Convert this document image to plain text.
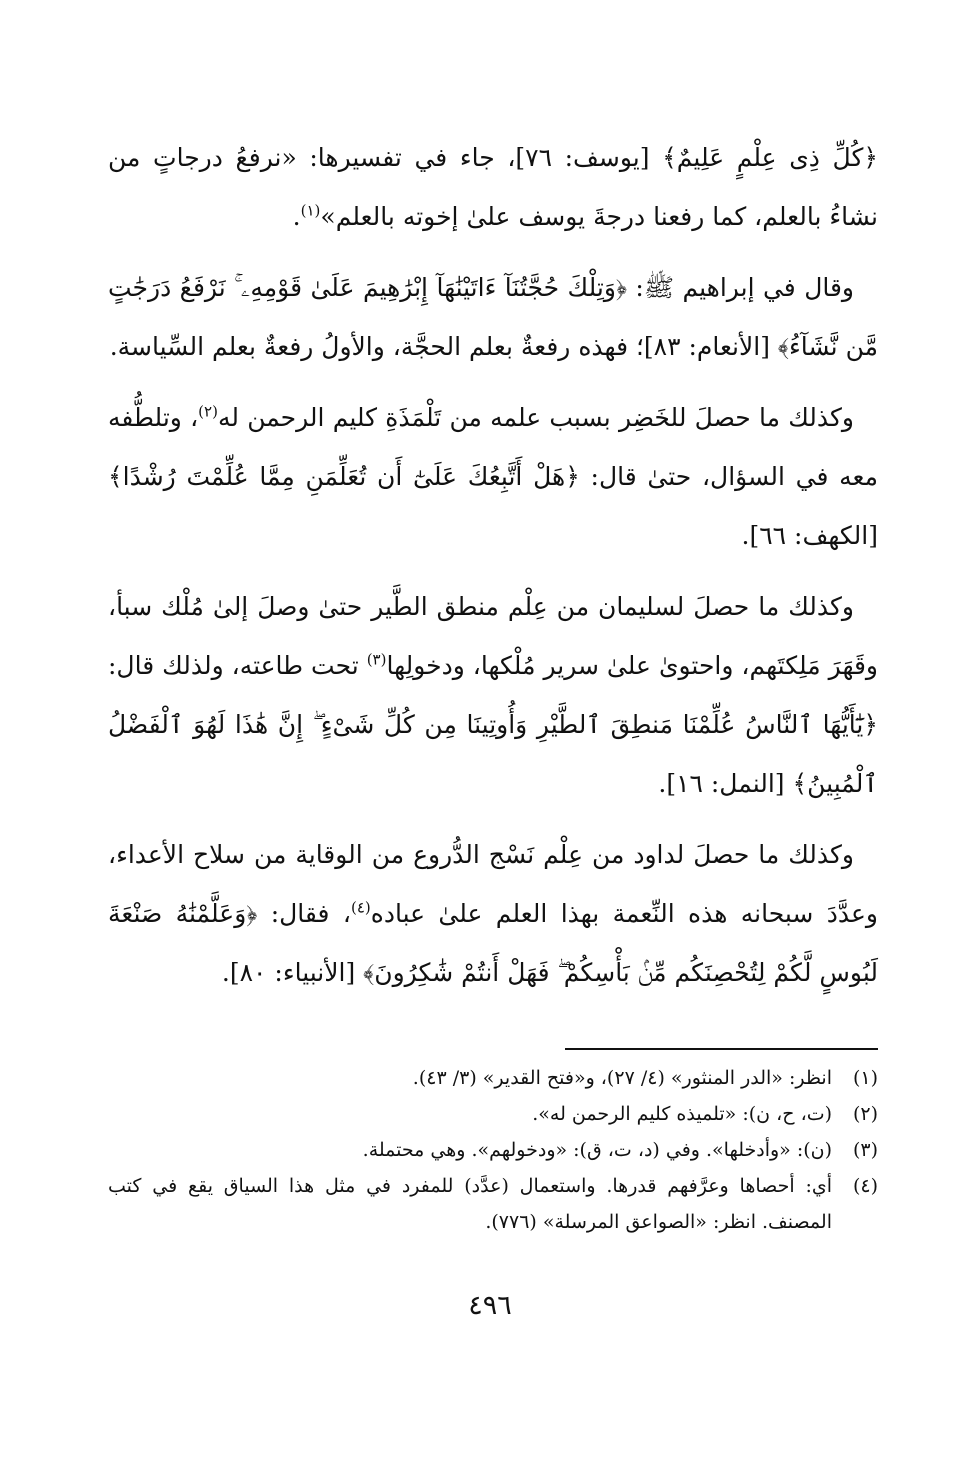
﴿كُلِّ ذِى عِلْمٍ عَلِيمٌ﴾ [يوسف: ٧٦]، جاء في تفسيرها: «نرفعُ درجاتٍ من نشاءُ بالعلم، كما رفعنا درجةَ يوسف علىٰ إخوته بالعلم»$^{(١)}$.

وقال في إبراهيم ﷺ: ﴿وَتِلْكَ حُجَّتُنَآ ءَاتَيْنَٰهَآ إِبْرَٰهِيمَ عَلَىٰ قَوْمِهِۦ ۚ نَرْفَعُ دَرَجَٰتٍ مَّن نَّشَآءُ﴾ [الأنعام: ٨٣]؛ فهذه رفعةٌ بعلم الحجَّة، والأولُ رفعةٌ بعلم السِّياسة.

وكذلك ما حصلَ للخَضِر بسبب علمه من تَلْمَذَةِ كليم الرحمن له$^{(٢)}$، وتلطُّفه معه في السؤال، حتىٰ قال: ﴿هَلْ أَتَّبِعُكَ عَلَىٰٓ أَن تُعَلِّمَنِ مِمَّا عُلِّمْتَ رُشْدًا﴾ [الكهف: ٦٦].

وكذلك ما حصلَ لسليمان من عِلْم منطق الطَّير حتىٰ وصلَ إلىٰ مُلْك سبأ، وقَهَرَ مَلِكتَهم، واحتوىٰ علىٰ سرير مُلْكها، ودخولِها$^{(٣)}$ تحت طاعته، ولذلك قال: ﴿يَٰٓأَيُّهَا ٱلنَّاسُ عُلِّمْنَا مَنطِقَ ٱلطَّيْرِ وَأُوتِينَا مِن كُلِّ شَىْءٍ ۖ إِنَّ هَٰذَا لَهُوَ ٱلْفَضْلُ ٱلْمُبِينُ﴾ [النمل: ١٦].

وكذلك ما حصلَ لداود من عِلْم نَسْج الدُّروع من الوقاية من سلاح الأعداء، وعدَّدَ سبحانه هذه النِّعمة بهذا العلم علىٰ عباده$^{(٤)}$، فقال: ﴿وَعَلَّمْنَٰهُ صَنْعَةَ لَبُوسٍ لَّكُمْ لِتُحْصِنَكُم مِّنۢ بَأْسِكُمْ ۖ فَهَلْ أَنتُمْ شَٰكِرُونَ﴾ [الأنبياء: ٨٠].

(١)
انظر: «الدر المنثور» (٤/ ٢٧)، و«فتح القدير» (٣/ ٤٣).
(٢)
(ت، ح، ن): «تلميذه كليم الرحمن له».
(٣)
(ن): «وأدخلها». وفي (د، ت، ق): «ودخولهم». وهي محتملة.
(٤)
أي: أحصاها وعرَّفهم قدرها. واستعمال (عدَّد) للمفرد في مثل هذا السياق يقع في كتب المصنف. انظر: «الصواعق المرسلة» (٧٧٦).
٤٩٦
